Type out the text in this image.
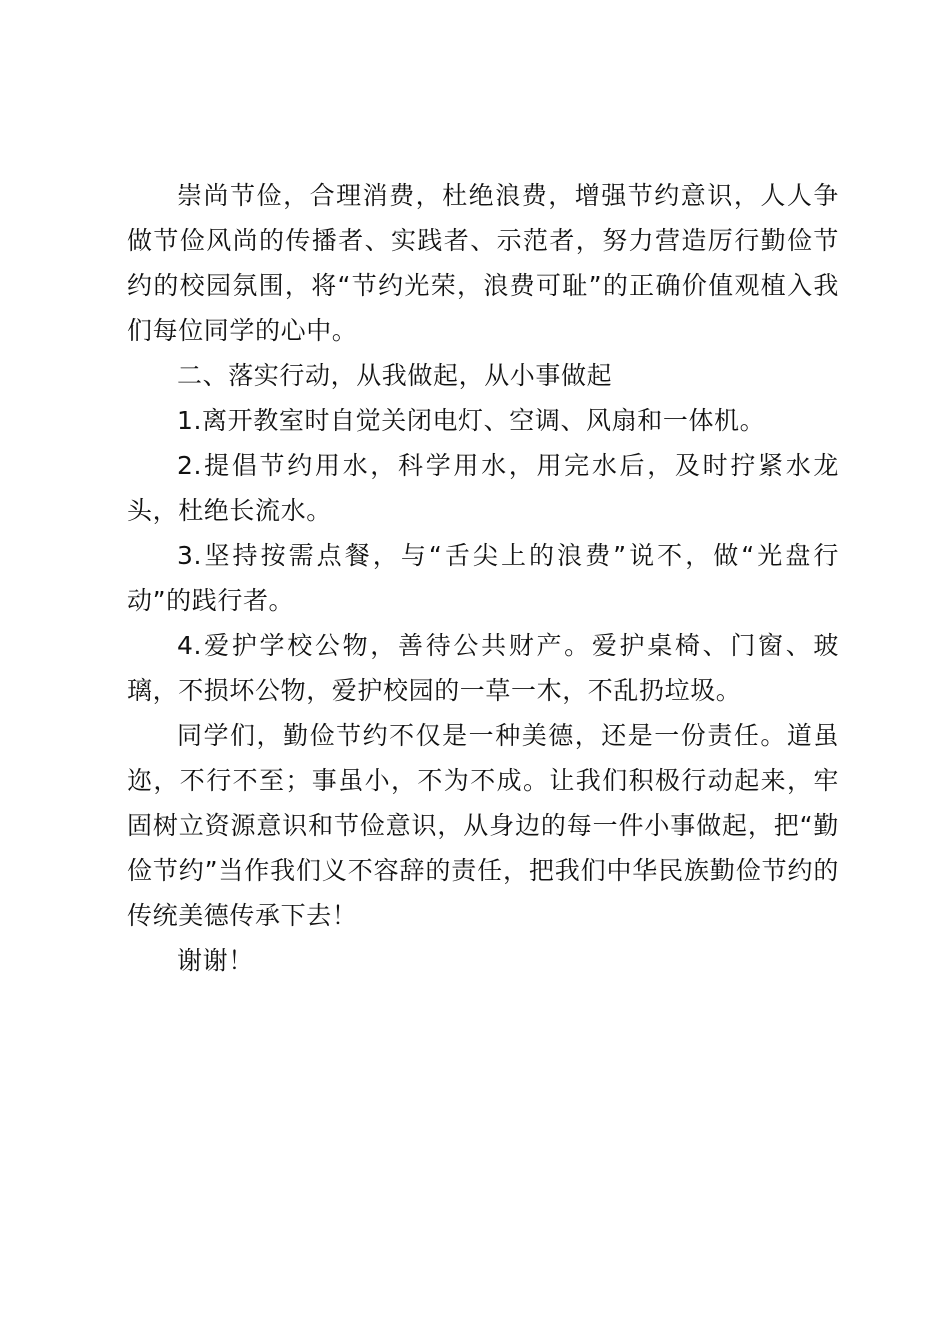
崇尚节俭，合理消费，杜绝浪费，增强节约意识，人人争做节俭风尚的传播者、实践者、示范者，努力营造厉行勤俭节约的校园氛围，将“节约光荣，浪费可耻”的正确价值观植入我们每位同学的心中。

二、落实行动，从我做起，从小事做起

1.离开教室时自觉关闭电灯、空调、风扇和一体机。

2.提倡节约用水，科学用水，用完水后，及时拧紧水龙头，杜绝长流水。

3.坚持按需点餐，与“舌尖上的浪费”说不，做“光盘行动”的践行者。

4.爱护学校公物，善待公共财产。爱护桌椅、门窗、玻璃，不损坏公物，爱护校园的一草一木，不乱扔垃圾。

同学们，勤俭节约不仅是一种美德，还是一份责任。道虽迩，不行不至；事虽小，不为不成。让我们积极行动起来，牢固树立资源意识和节俭意识，从身边的每一件小事做起，把“勤俭节约”当作我们义不容辞的责任，把我们中华民族勤俭节约的传统美德传承下去！

谢谢！
